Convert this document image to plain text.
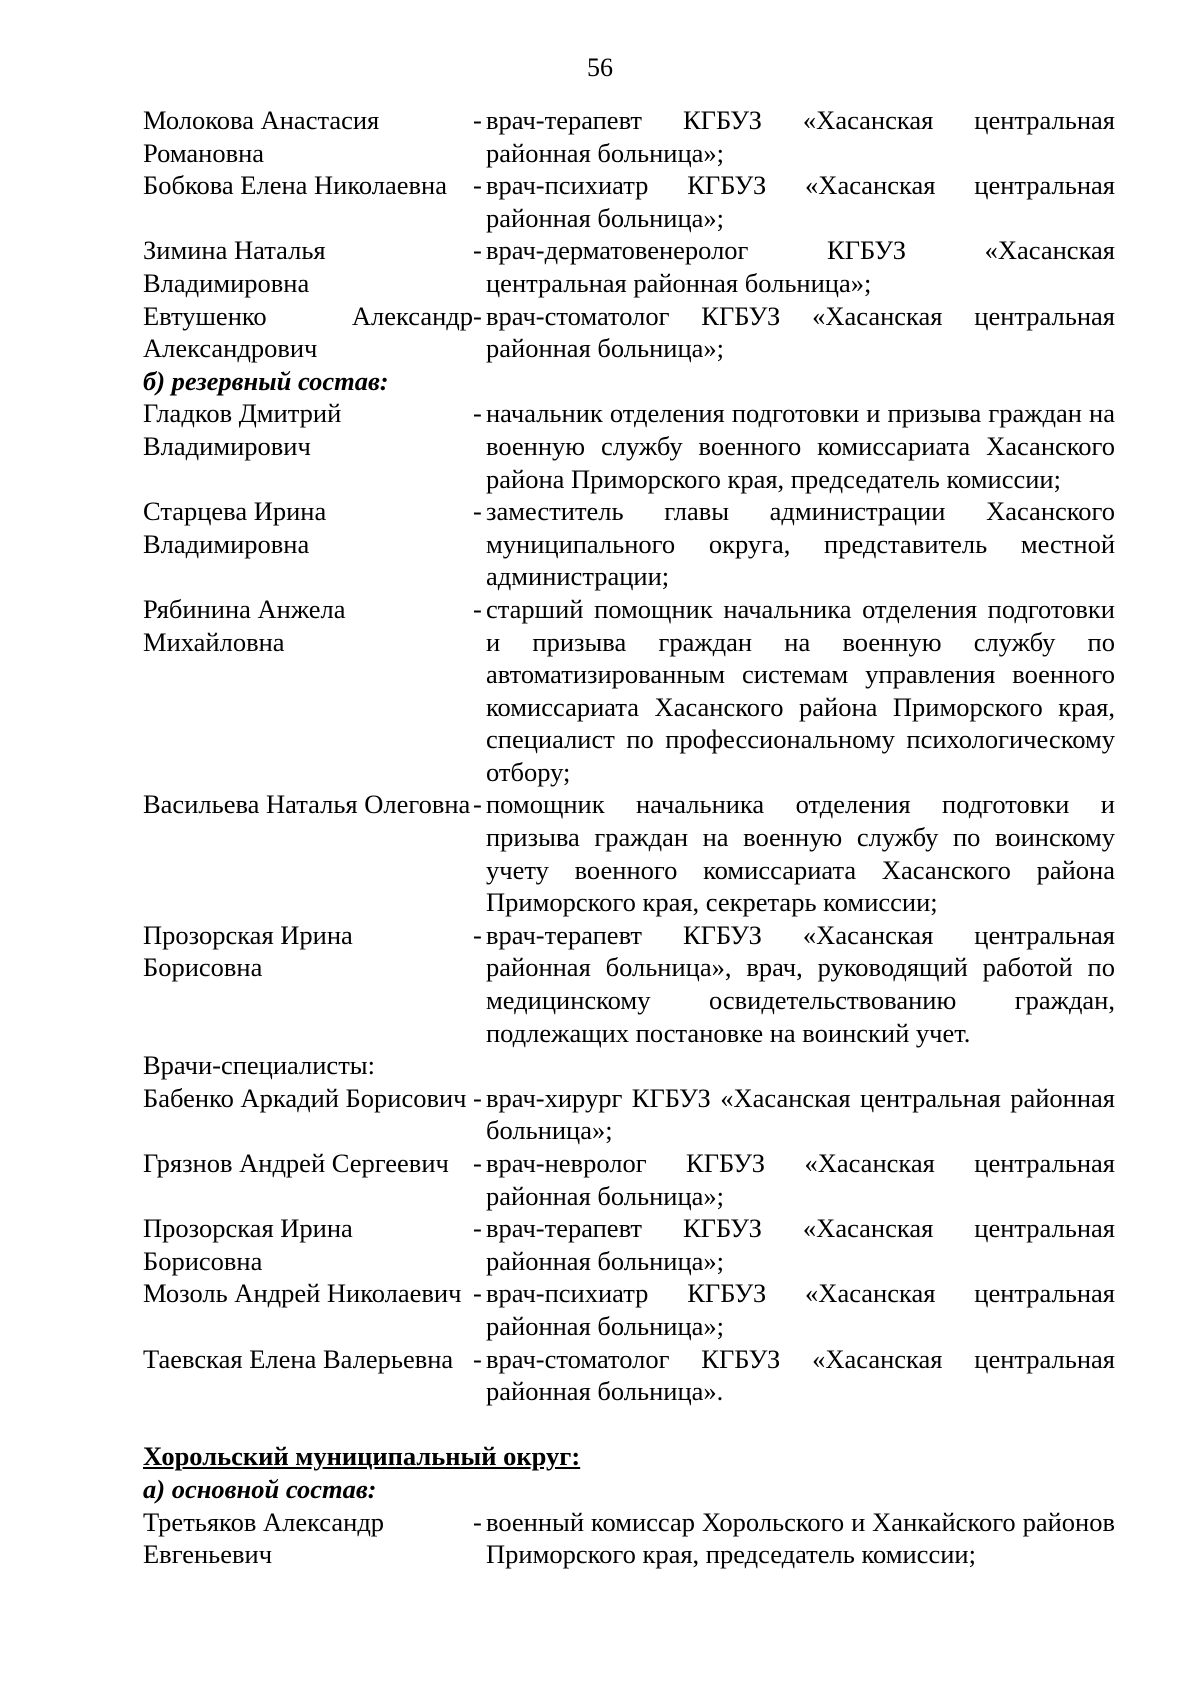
56
Молокова Анастасия Романовна
- врач-терапевт КГБУЗ «Хасанская центральная районная больница»;
Бобкова Елена Николаевна - врач-психиатр КГБУЗ «Хасанская центральная районная больница»;
Зимина Наталья Владимировна
- врач-дерматовенеролог КГБУЗ «Хасанская центральная районная больница»;
Евтушенко Александр Александрович
- врач-стоматолог КГБУЗ «Хасанская центральная районная больница»;
б) резервный состав:
Гладков Дмитрий Владимирович
- начальник отделения подготовки и призыва граждан на военную службу военного комиссариата Хасанского района Приморского края, председатель комиссии;
Старцева Ирина Владимировна
- заместитель главы администрации Хасанского муниципального округа, представитель местной администрации;
Рябинина Анжела Михайловна
- старший помощник начальника отделения подготовки и призыва граждан на военную службу по автоматизированным системам управления военного комиссариата Хасанского района Приморского края, специалист по профессиональному психологическому отбору;
Васильева Наталья Олеговна - помощник начальника отделения подготовки и призыва граждан на военную службу по воинскому учету военного комиссариата Хасанского района Приморского края, секретарь комиссии;
Прозорская Ирина Борисовна
- врач-терапевт КГБУЗ «Хасанская центральная районная больница», врач, руководящий работой по медицинскому освидетельствованию граждан, подлежащих постановке на воинский учет.
Врачи-специалисты:
Бабенко Аркадий Борисович - врач-хирург КГБУЗ «Хасанская центральная районная больница»;
Грязнов Андрей Сергеевич - врач-невролог КГБУЗ «Хасанская центральная районная больница»;
Прозорская Ирина Борисовна
- врач-терапевт КГБУЗ «Хасанская центральная районная больница»;
Мозоль Андрей Николаевич - врач-психиатр КГБУЗ «Хасанская центральная районная больница»;
Таевская Елена Валерьевна - врач-стоматолог КГБУЗ «Хасанская центральная районная больница».
Хорольский муниципальный округ:
а) основной состав:
Третьяков Александр Евгеньевич
- военный комиссар Хорольского и Ханкайского районов Приморского края, председатель комиссии;
